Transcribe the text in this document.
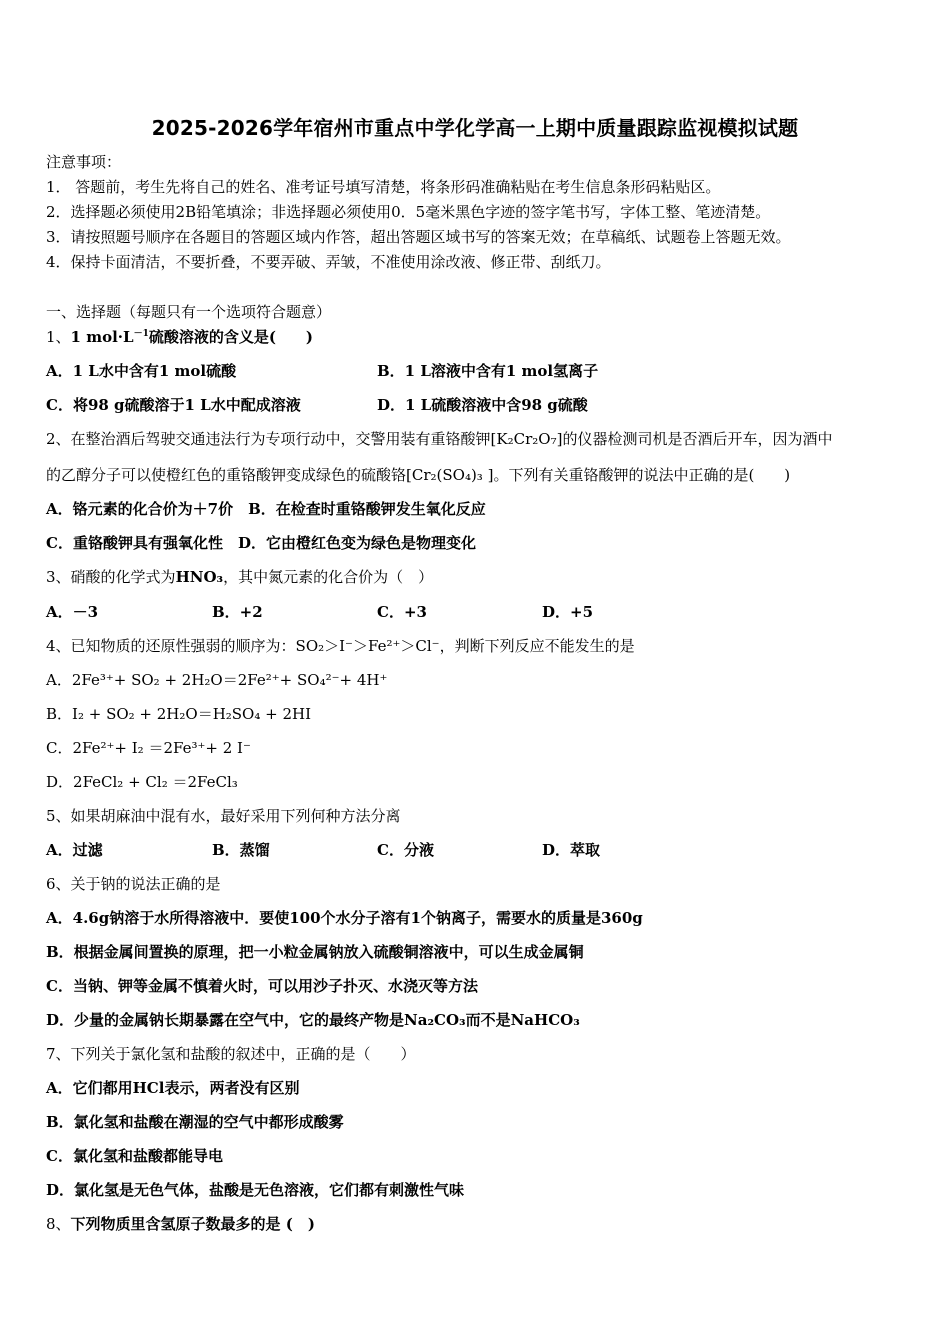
2025-2026学年宿州市重点中学化学高一上期中质量跟踪监视模拟试题
注意事项：
1． 答题前，考生先将自己的姓名、准考证号填写清楚，将条形码准确粘贴在考生信息条形码粘贴区。
2．选择题必须使用2B铅笔填涂；非选择题必须使用0．5毫米黑色字迹的签字笔书写，字体工整、笔迹清楚。
3．请按照题号顺序在各题目的答题区域内作答，超出答题区域书写的答案无效；在草稿纸、试题卷上答题无效。
4．保持卡面清洁，不要折叠，不要弄破、弄皱，不准使用涂改液、修正带、刮纸刀。
一、选择题（每题只有一个选项符合题意）
1、1 $mol\cdot L^{-1}$硫酸溶液的含义是(　　)
A．1 L水中含有1 mol硫酸	B．1 L溶液中含有1 mol氢离子
C．将98 g硫酸溶于1 L水中配成溶液	D．1 L硫酸溶液中含98 g硫酸
2、在整治酒后驾驶交通违法行为专项行动中，交警用装有重铬酸钾[K₂Cr₂O₇]的仪器检测司机是否酒后开车，因为酒中
的乙醇分子可以使橙红色的重铬酸钾变成绿色的硫酸铬[Cr₂(SO₄)₃ ]。下列有关重铬酸钾的说法中正确的是(　　)
A．铬元素的化合价为＋7价　B．在检查时重铬酸钾发生氧化反应
C．重铬酸钾具有强氧化性　D．它由橙红色变为绿色是物理变化
3、硝酸的化学式为HNO₃，其中氮元素的化合价为（　）
A．－3	B．+2	C．+3	D．+5
4、已知物质的还原性强弱的顺序为：SO₂＞I⁻＞Fe²⁺＞Cl⁻，判断下列反应不能发生的是
A．2Fe³⁺+ SO₂ + 2H₂O＝2Fe²⁺+ SO₄²⁻+ 4H⁺
B．I₂ + SO₂ + 2H₂O＝H₂SO₄ + 2HI
C．2Fe²⁺+ I₂ ＝2Fe³⁺+ 2 I⁻
D．2FeCl₂ + Cl₂ ＝2FeCl₃
5、如果胡麻油中混有水，最好采用下列何种方法分离
A．过滤	B．蒸馏	C．分液	D．萃取
6、关于钠的说法正确的是
A．4.6g钠溶于水所得溶液中．要使100个水分子溶有1个钠离子，需要水的质量是360g
B．根据金属间置换的原理，把一小粒金属钠放入硫酸铜溶液中，可以生成金属铜
C．当钠、钾等金属不慎着火时，可以用沙子扑灭、水浇灭等方法
D．少量的金属钠长期暴露在空气中，它的最终产物是Na₂CO₃而不是NaHCO₃
7、下列关于氯化氢和盐酸的叙述中，正确的是（　　）
A．它们都用HCl表示，两者没有区别
B．氯化氢和盐酸在潮湿的空气中都形成酸雾
C．氯化氢和盐酸都能导电
D．氯化氢是无色气体，盐酸是无色溶液，它们都有刺激性气味
8、下列物质里含氢原子数最多的是 (　)
